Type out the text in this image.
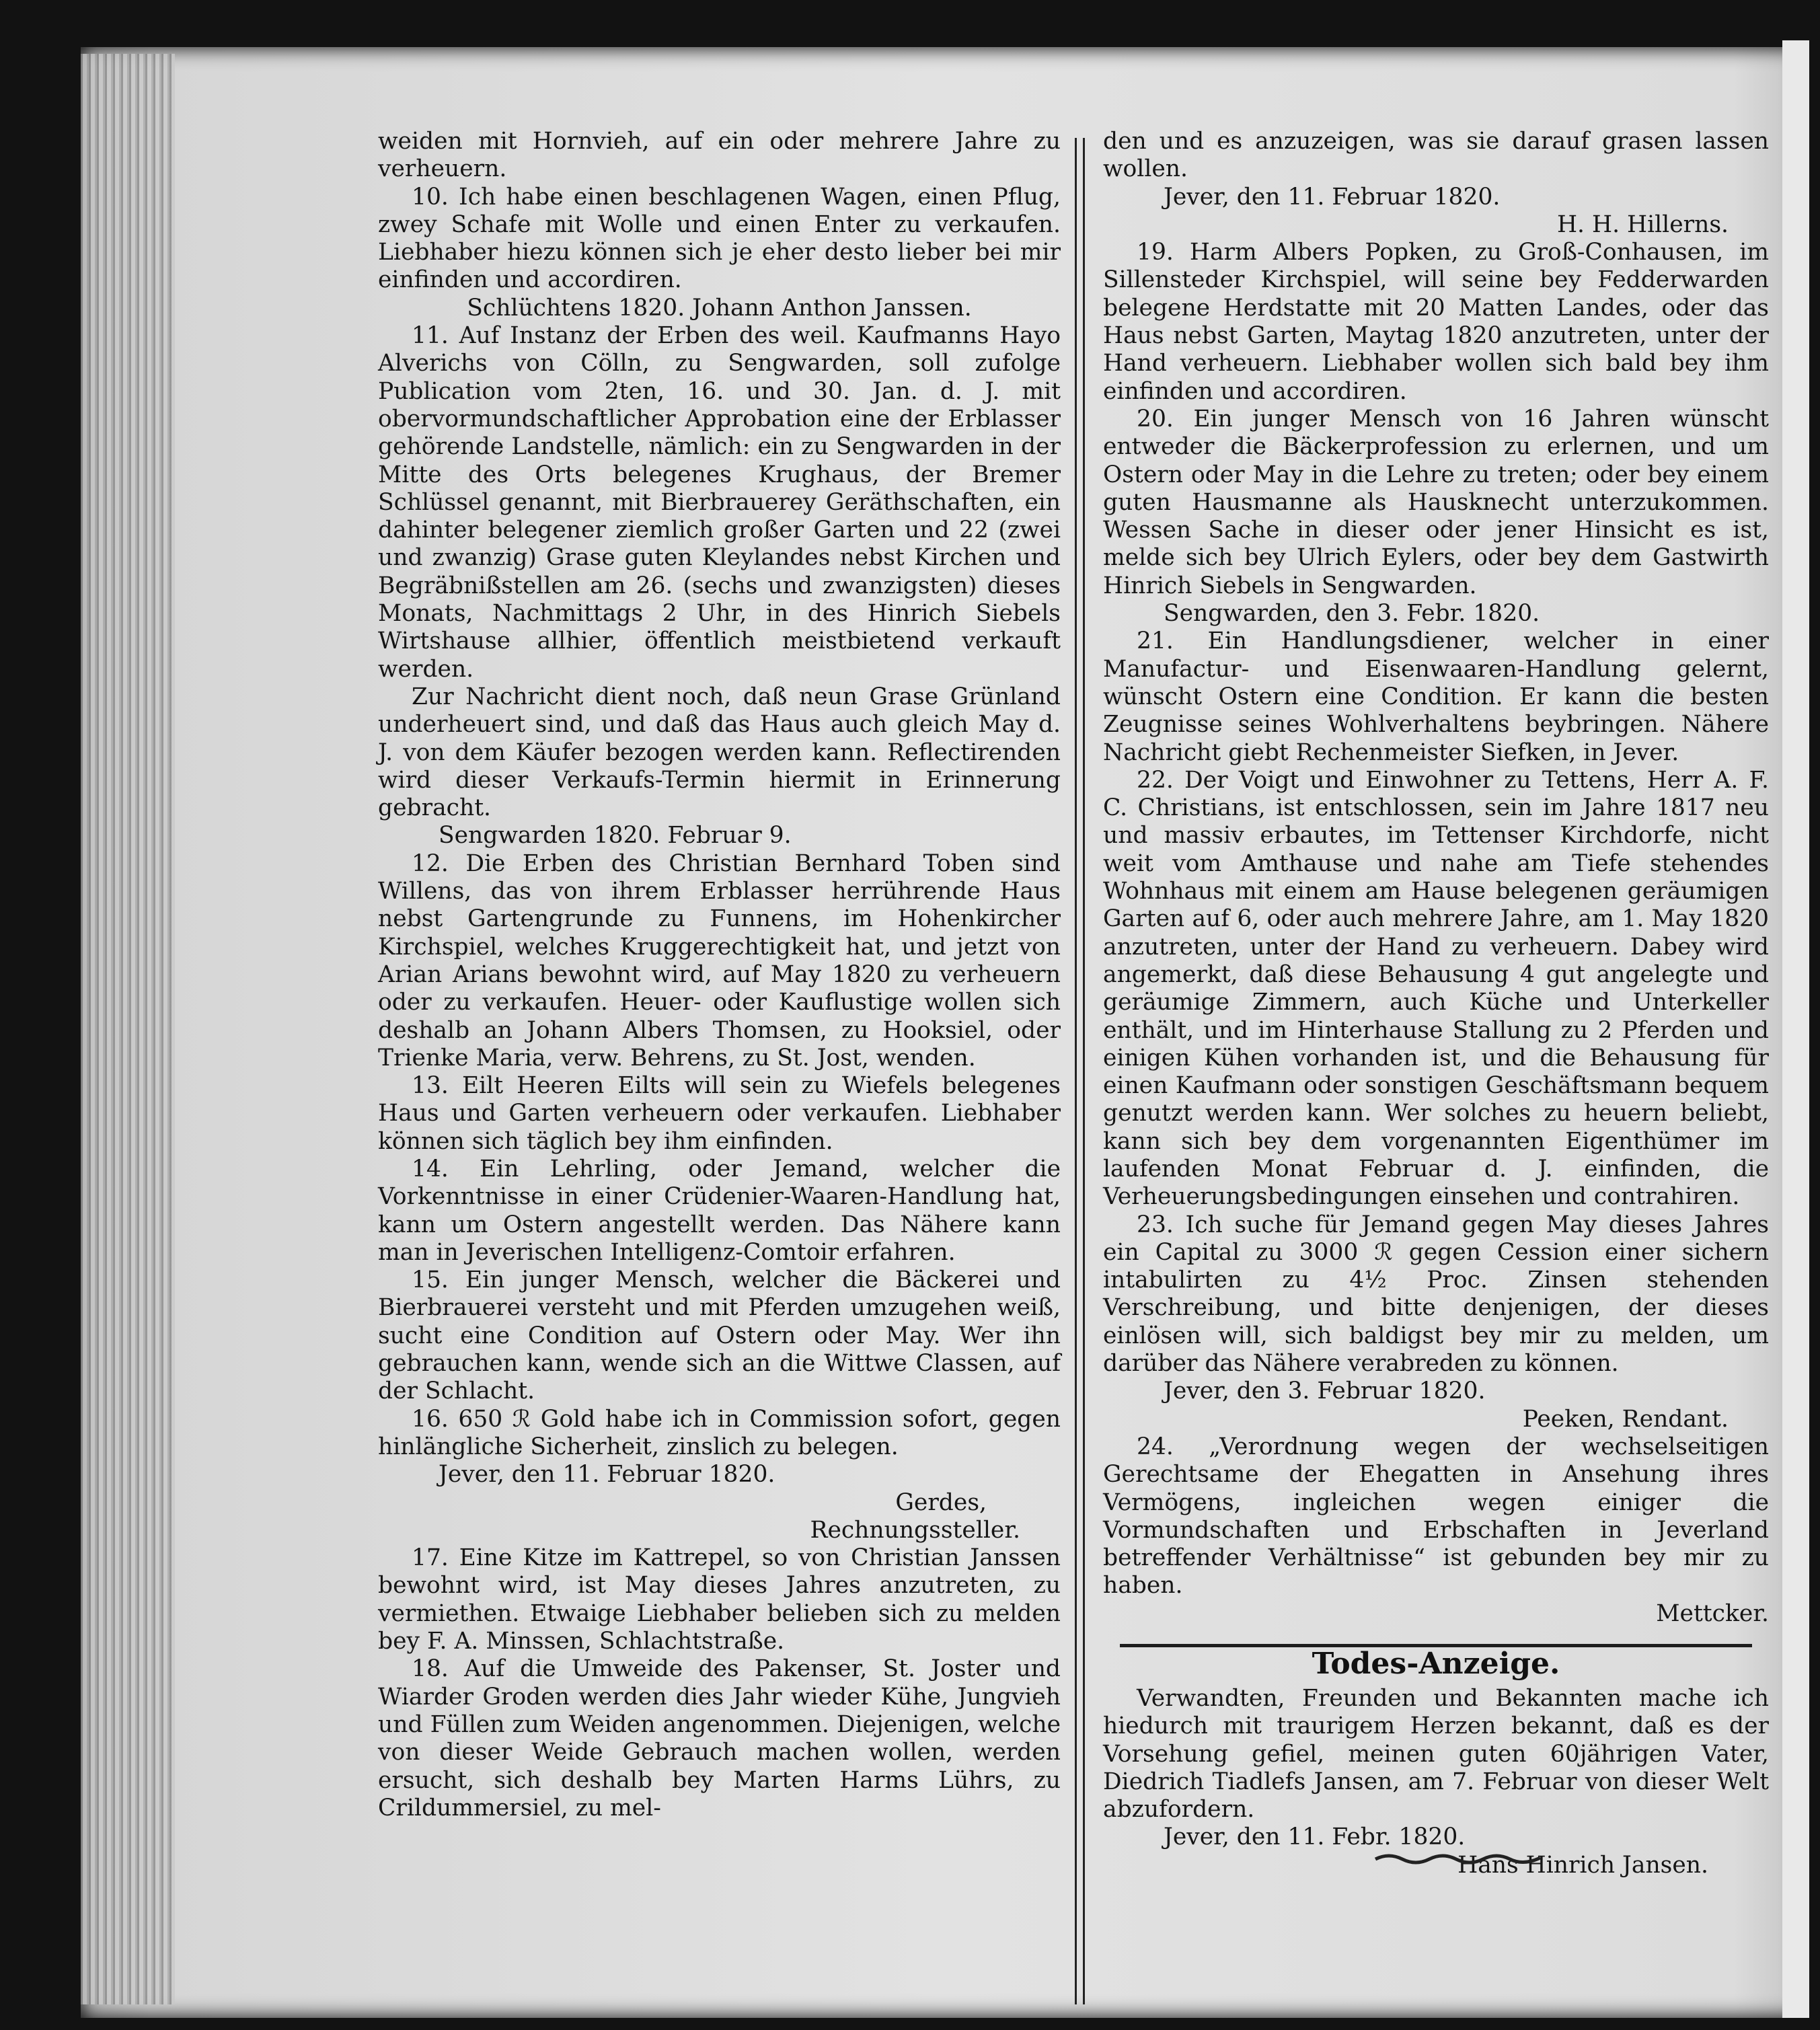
weiden mit Hornvieh, auf ein oder mehrere Jahre zu verheuern.

10. Ich habe einen beschlagenen Wagen, einen Pflug, zwey Schafe mit Wolle und einen Enter zu verkaufen. Liebhaber hiezu können sich je eher desto lieber bei mir einfinden und accordiren.

Schlüchtens 1820. Johann Anthon Janssen.

11. Auf Instanz der Erben des weil. Kaufmanns Hayo Alverichs von Cölln, zu Sengwarden, soll zufolge Publication vom 2ten, 16. und 30. Jan. d. J. mit obervormundschaftlicher Approbation eine der Erblasser gehörende Landstelle, nämlich: ein zu Sengwarden in der Mitte des Orts belegenes Krughaus, der Bremer Schlüssel genannt, mit Bierbrauerey Geräthschaften, ein dahinter belegener ziemlich großer Garten und 22 (zwei und zwanzig) Grase guten Kleylandes nebst Kirchen und Begräbnißstellen am 26. (sechs und zwanzigsten) dieses Monats, Nachmittags 2 Uhr, in des Hinrich Siebels Wirtshause allhier, öffentlich meistbietend verkauft werden.

Zur Nachricht dient noch, daß neun Grase Grünland underheuert sind, und daß das Haus auch gleich May d. J. von dem Käufer bezogen werden kann. Reflectirenden wird dieser Verkaufs-Termin hiermit in Erinnerung gebracht.

Sengwarden 1820. Februar 9.

12. Die Erben des Christian Bernhard Toben sind Willens, das von ihrem Erblasser herrührende Haus nebst Gartengrunde zu Funnens, im Hohenkircher Kirchspiel, welches Kruggerechtigkeit hat, und jetzt von Arian Arians bewohnt wird, auf May 1820 zu verheuern oder zu verkaufen. Heuer- oder Kauflustige wollen sich deshalb an Johann Albers Thomsen, zu Hooksiel, oder Trienke Maria, verw. Behrens, zu St. Jost, wenden.

13. Eilt Heeren Eilts will sein zu Wiefels belegenes Haus und Garten verheuern oder verkaufen. Liebhaber können sich täglich bey ihm einfinden.

14. Ein Lehrling, oder Jemand, welcher die Vorkenntnisse in einer Crüdenier-Waaren-Handlung hat, kann um Ostern angestellt werden. Das Nähere kann man in Jeverischen Intelligenz-Comtoir erfahren.

15. Ein junger Mensch, welcher die Bäckerei und Bierbrauerei versteht und mit Pferden umzugehen weiß, sucht eine Condition auf Ostern oder May. Wer ihn gebrauchen kann, wende sich an die Wittwe Classen, auf der Schlacht.

16. 650 ℛ Gold habe ich in Commission sofort, gegen hinlängliche Sicherheit, zinslich zu belegen.

Jever, den 11. Februar 1820.

Gerdes,

Rechnungssteller.

17. Eine Kitze im Kattrepel, so von Christian Janssen bewohnt wird, ist May dieses Jahres anzutreten, zu vermiethen. Etwaige Liebhaber belieben sich zu melden bey F. A. Minssen, Schlachtstraße.

18. Auf die Umweide des Pakenser, St. Joster und Wiarder Groden werden dies Jahr wieder Kühe, Jungvieh und Füllen zum Weiden angenommen. Diejenigen, welche von dieser Weide Gebrauch machen wollen, werden ersucht, sich deshalb bey Marten Harms Lührs, zu Crildummersiel, zu mel-

den und es anzuzeigen, was sie darauf grasen lassen wollen.

Jever, den 11. Februar 1820.

H. H. Hillerns.

19. Harm Albers Popken, zu Groß-Conhausen, im Sillensteder Kirchspiel, will seine bey Fedderwarden belegene Herdstatte mit 20 Matten Landes, oder das Haus nebst Garten, Maytag 1820 anzutreten, unter der Hand verheuern. Liebhaber wollen sich bald bey ihm einfinden und accordiren.

20. Ein junger Mensch von 16 Jahren wünscht entweder die Bäckerprofession zu erlernen, und um Ostern oder May in die Lehre zu treten; oder bey einem guten Hausmanne als Hausknecht unterzukommen. Wessen Sache in dieser oder jener Hinsicht es ist, melde sich bey Ulrich Eylers, oder bey dem Gastwirth Hinrich Siebels in Sengwarden.

Sengwarden, den 3. Febr. 1820.

21. Ein Handlungsdiener, welcher in einer Manufactur- und Eisenwaaren-Handlung gelernt, wünscht Ostern eine Condition. Er kann die besten Zeugnisse seines Wohlverhaltens beybringen. Nähere Nachricht giebt Rechenmeister Siefken, in Jever.

22. Der Voigt und Einwohner zu Tettens, Herr A. F. C. Christians, ist entschlossen, sein im Jahre 1817 neu und massiv erbautes, im Tettenser Kirchdorfe, nicht weit vom Amthause und nahe am Tiefe stehendes Wohnhaus mit einem am Hause belegenen geräumigen Garten auf 6, oder auch mehrere Jahre, am 1. May 1820 anzutreten, unter der Hand zu verheuern. Dabey wird angemerkt, daß diese Behausung 4 gut angelegte und geräumige Zimmern, auch Küche und Unterkeller enthält, und im Hinterhause Stallung zu 2 Pferden und einigen Kühen vorhanden ist, und die Behausung für einen Kaufmann oder sonstigen Geschäftsmann bequem genutzt werden kann. Wer solches zu heuern beliebt, kann sich bey dem vorgenannten Eigenthümer im laufenden Monat Februar d. J. einfinden, die Verheuerungsbedingungen einsehen und contrahiren.

23. Ich suche für Jemand gegen May dieses Jahres ein Capital zu 3000 ℛ gegen Cession einer sichern intabulirten zu 4½ Proc. Zinsen stehenden Verschreibung, und bitte denjenigen, der dieses einlösen will, sich baldigst bey mir zu melden, um darüber das Nähere verabreden zu können.

Jever, den 3. Februar 1820.

Peeken, Rendant.

24. „Verordnung wegen der wechselseitigen Gerechtsame der Ehegatten in Ansehung ihres Vermögens, ingleichen wegen einiger die Vormundschaften und Erbschaften in Jeverland betreffender Verhältnisse“ ist gebunden bey mir zu haben.

Mettcker.

Todes-Anzeige.

Verwandten, Freunden und Bekannten mache ich hiedurch mit traurigem Herzen bekannt, daß es der Vorsehung gefiel, meinen guten 60jährigen Vater, Diedrich Tiadlefs Jansen, am 7. Februar von dieser Welt abzufordern.

Jever, den 11. Febr. 1820.

Hans Hinrich Jansen.
